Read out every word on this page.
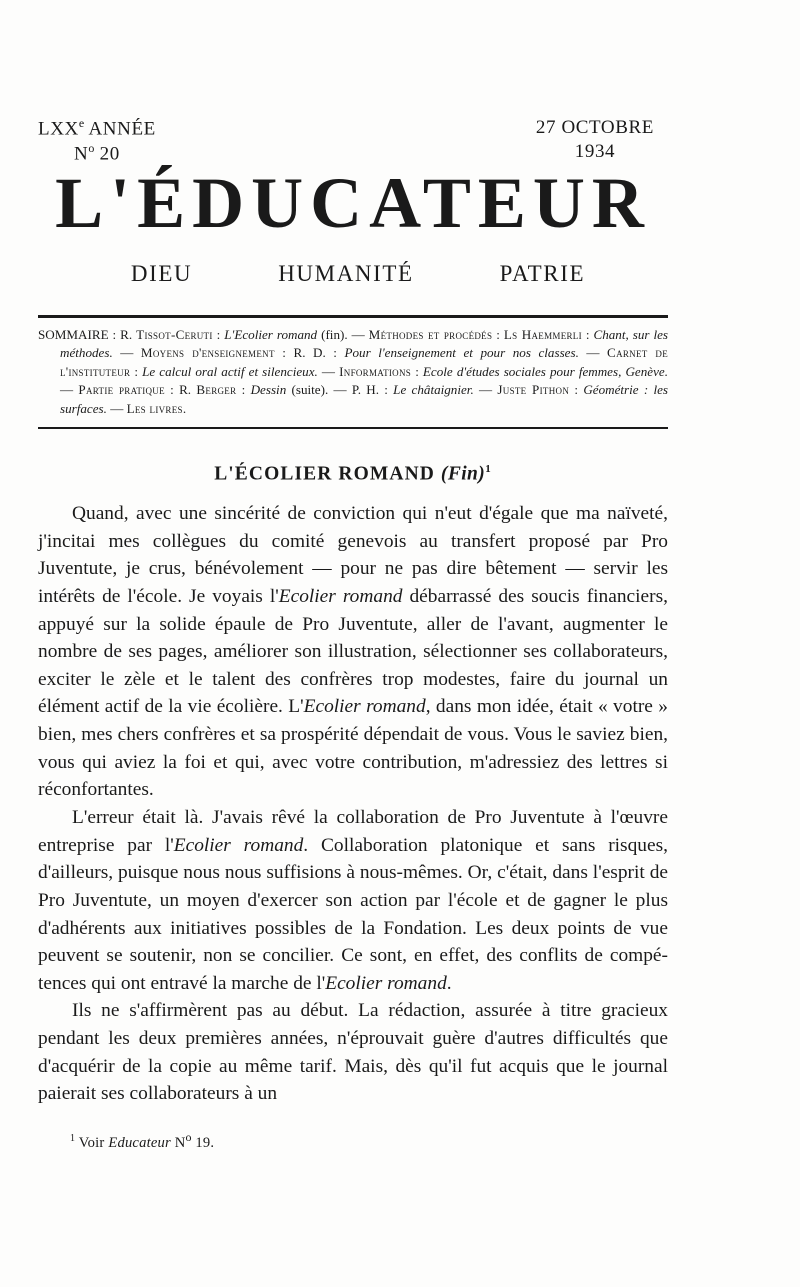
LXXe ANNÉE
$N^o$ 20
27 OCTOBRE
1934
L'ÉDUCATEUR
DIEU	HUMANITÉ	PATRIE
SOMMAIRE : R. Tissot-Ceruti : L'Ecolier romand (fin). — Méthodes et procédés : Ls Haemmerli : Chant, sur les méthodes. — Moyens d'enseignement : R. D. : Pour l'enseignement et pour nos classes. — Carnet de l'instituteur : Le calcul oral actif et silencieux. — Informations : Ecole d'études sociales pour femmes, Genève. — Partie pratique : R. Berger : Dessin (suite). — P. H. : Le châtaignier. — Juste Pithon : Géométrie : les surfaces. — Les livres.
L'ÉCOLIER ROMAND (Fin)$^1$

Quand, avec une sincérité de conviction qui n'eut d'égale que ma naïveté, j'incitai mes collègues du comité genevois au transfert proposé par Pro Juventute, je crus, bénévolement — pour ne pas dire bêtement — servir les intérêts de l'école. Je voyais l'Ecolier romand débarrassé des soucis financiers, appuyé sur la solide épaule de Pro Juventute, aller de l'avant, augmenter le nombre de ses pages, améliorer son illustration, sélectionner ses collaborateurs, exciter le zèle et le talent des confrères trop modestes, faire du journal un élément actif de la vie écolière. L'Ecolier romand, dans mon idée, était « votre » bien, mes chers confrères et sa prospérité dépendait de vous. Vous le saviez bien, vous qui aviez la foi et qui, avec votre contribution, m'adressiez des lettres si réconfortantes.

L'erreur était là. J'avais rêvé la collaboration de Pro Juventute à l'œuvre entreprise par l'Ecolier romand. Collaboration platonique et sans risques, d'ailleurs, puisque nous nous suffisions à nous-mêmes. Or, c'était, dans l'esprit de Pro Juventute, un moyen d'exercer son action par l'école et de gagner le plus d'adhérents aux initiatives possibles de la Fondation. Les deux points de vue peuvent se soutenir, non se concilier. Ce sont, en effet, des conflits de compétences qui ont entravé la marche de l'Ecolier romand.

Ils ne s'affirmèrent pas au début. La rédaction, assurée à titre gracieux pendant les deux premières années, n'éprouvait guère d'autres difficultés que d'acquérir de la copie au même tarif. Mais, dès qu'il fut acquis que le journal paierait ses collaborateurs à un

$^1$ Voir Educateur $N^o$ 19.
